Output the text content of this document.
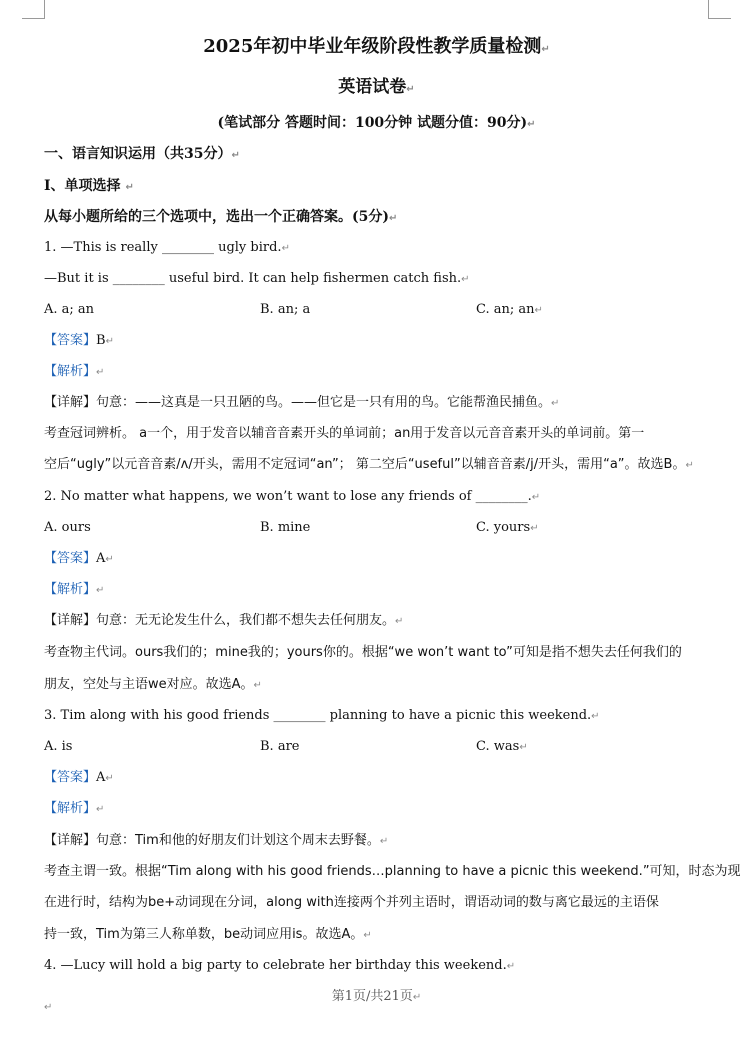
2025年初中毕业年级阶段性教学质量检测↵
英语试卷↵
(笔试部分 答题时间：100分钟 试题分值：90分)↵
一、语言知识运用（共35分）↵
Ⅰ、单项选择 ↵
从每小题所给的三个选项中，选出一个正确答案。(5分)↵
1. —This is really ________ ugly bird.↵
—But it is ________ useful bird. It can help fishermen catch fish.↵
A. a; an	B. an; a	C. an; an↵
【答案】B↵
【解析】↵
【详解】句意：——这真是一只丑陋的鸟。——但它是一只有用的鸟。它能帮渔民捕鱼。↵
考查冠词辨析。 a一个，用于发音以辅音音素开头的单词前；an用于发音以元音音素开头的单词前。第一
空后“ugly”以元音音素/ʌ/开头，需用不定冠词“an”； 第二空后“useful”以辅音音素/j/开头，需用“a”。故选B。↵
2. No matter what happens, we won’t want to lose any friends of ________.↵
A. ours	B. mine	C. yours↵
【答案】A↵
【解析】↵
【详解】句意：无无论发生什么，我们都不想失去任何朋友。↵
考查物主代词。ours我们的；mine我的；yours你的。根据“we won’t want to”可知是指不想失去任何我们的
朋友，空处与主语we对应。故选A。↵
3. Tim along with his good friends ________ planning to have a picnic this weekend.↵
A. is	B. are	C. was↵
【答案】A↵
【解析】↵
【详解】句意：Tim和他的好朋友们计划这个周末去野餐。↵
考查主谓一致。根据“Tim along with his good friends…planning to have a picnic this weekend.”可知，时态为现
在进行时，结构为be+动词现在分词，along with连接两个并列主语时，谓语动词的数与离它最远的主语保
持一致，Tim为第三人称单数，be动词应用is。故选A。↵
4. —Lucy will hold a big party to celebrate her birthday this weekend.↵
第1页/共21页↵
↵
